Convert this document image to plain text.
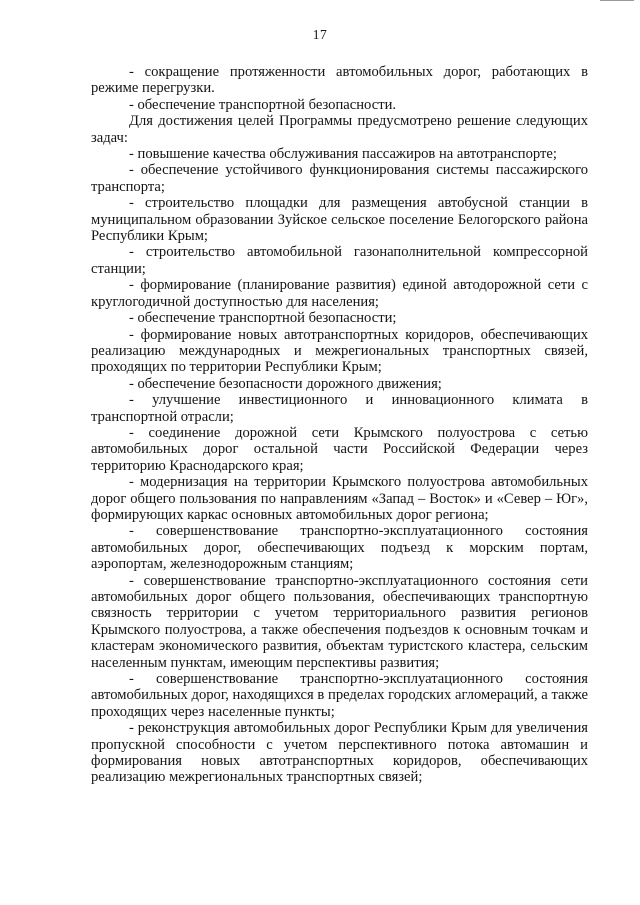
17

- сокращение протяженности автомобильных дорог, работающих в режиме перегрузки.

- обеспечение транспортной безопасности.

Для достижения целей Программы предусмотрено решение следующих задач:

- повышение качества обслуживания пассажиров на автотранспорте;

- обеспечение устойчивого функционирования системы пассажирского транспорта;

- строительство площадки для размещения автобусной станции в муниципальном образовании Зуйское сельское поселение Белогорского района Республики Крым;

- строительство автомобильной газонаполнительной компрессорной станции;

- формирование (планирование развития) единой автодорожной сети с круглогодичной доступностью для населения;

- обеспечение транспортной безопасности;

- формирование новых автотранспортных коридоров, обеспечивающих реализацию международных и межрегиональных транспортных связей, проходящих по территории Республики Крым;

- обеспечение безопасности дорожного движения;

- улучшение инвестиционного и инновационного климата в транспортной отрасли;

- соединение дорожной сети Крымского полуострова с сетью автомобильных дорог остальной части Российской Федерации через территорию Краснодарского края;

- модернизация на территории Крымского полуострова автомобильных дорог общего пользования по направлениям «Запад – Восток» и «Север – Юг», формирующих каркас основных автомобильных дорог региона;

- совершенствование транспортно-эксплуатационного состояния автомобильных дорог, обеспечивающих подъезд к морским портам, аэропортам, железнодорожным станциям;

- совершенствование транспортно-эксплуатационного состояния сети автомобильных дорог общего пользования, обеспечивающих транспортную связность территории с учетом территориального развития регионов Крымского полуострова, а также обеспечения подъездов к основным точкам и кластерам экономического развития, объектам туристского кластера, сельским населенным пунктам, имеющим перспективы развития;

- совершенствование транспортно-эксплуатационного состояния автомобильных дорог, находящихся в пределах городских агломераций, а также проходящих через населенные пункты;

- реконструкция автомобильных дорог Республики Крым для увеличения пропускной способности с учетом перспективного потока автомашин и формирования новых автотранспортных коридоров, обеспечивающих реализацию межрегиональных транспортных связей;
